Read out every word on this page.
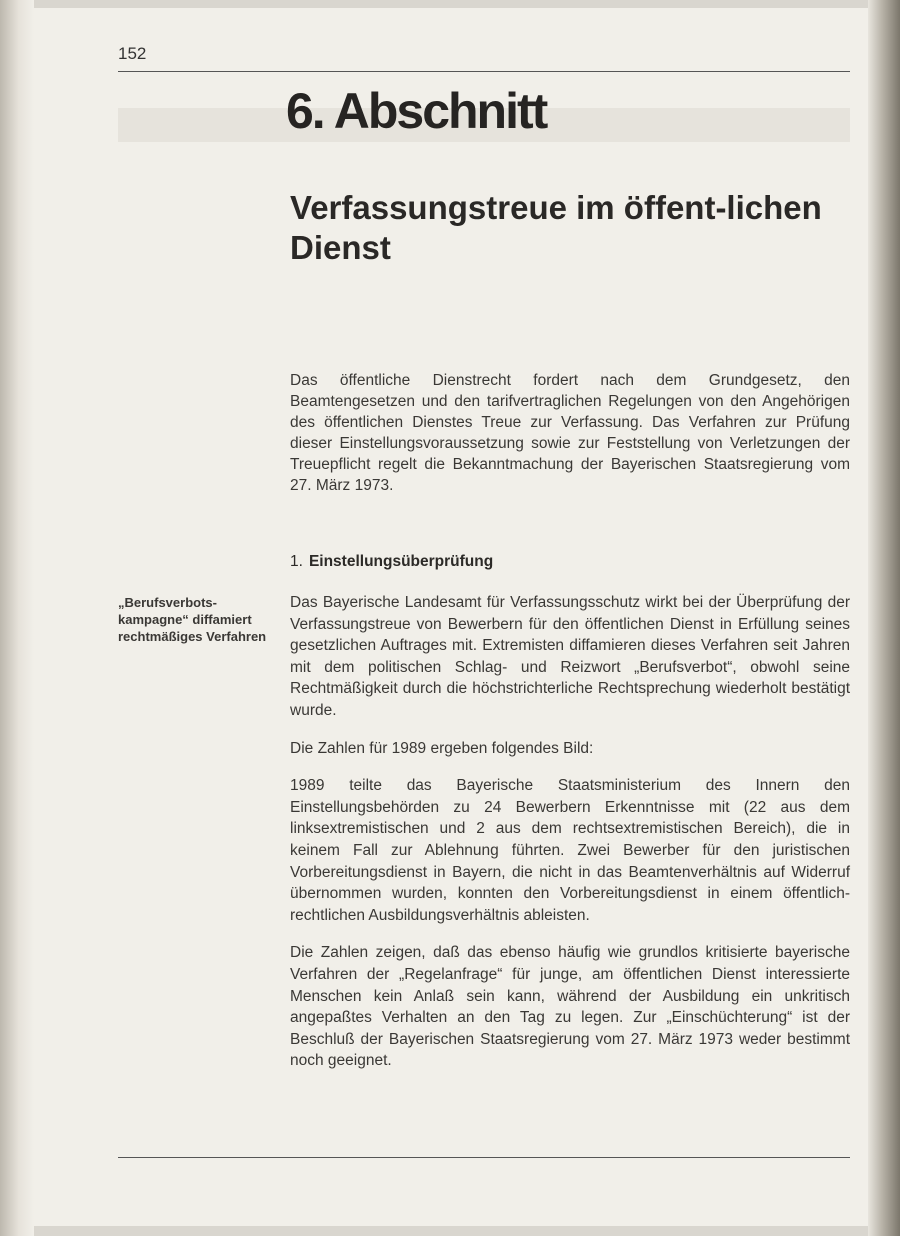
152
6. Abschnitt
Verfassungstreue im öffent-lichen Dienst
Das öffentliche Dienstrecht fordert nach dem Grundgesetz, den Beamtengesetzen und den tarifvertraglichen Regelungen von den Angehörigen des öffentlichen Dienstes Treue zur Verfassung. Das Verfahren zur Prüfung dieser Einstellungsvoraussetzung sowie zur Feststellung von Verletzungen der Treuepflicht regelt die Bekanntmachung der Bayerischen Staatsregierung vom 27. März 1973.
1. Einstellungsüberprüfung
„Berufsverbots-kampagne“ diffamiert rechtmäßiges Verfahren

Das Bayerische Landesamt für Verfassungsschutz wirkt bei der Überprüfung der Verfassungstreue von Bewerbern für den öffentlichen Dienst in Erfüllung seines gesetzlichen Auftrages mit. Extremisten diffamieren dieses Verfahren seit Jahren mit dem politischen Schlag- und Reizwort „Berufsverbot“, obwohl seine Rechtmäßigkeit durch die höchstrichterliche Rechtsprechung wiederholt bestätigt wurde.

Die Zahlen für 1989 ergeben folgendes Bild:

1989 teilte das Bayerische Staatsministerium des Innern den Einstellungsbehörden zu 24 Bewerbern Erkenntnisse mit (22 aus dem linksextremistischen und 2 aus dem rechtsextremistischen Bereich), die in keinem Fall zur Ablehnung führten. Zwei Bewerber für den juristischen Vorbereitungsdienst in Bayern, die nicht in das Beamtenverhältnis auf Widerruf übernommen wurden, konnten den Vorbereitungsdienst in einem öffentlich-rechtlichen Ausbildungsverhältnis ableisten.

Die Zahlen zeigen, daß das ebenso häufig wie grundlos kritisierte bayerische Verfahren der „Regelanfrage“ für junge, am öffentlichen Dienst interessierte Menschen kein Anlaß sein kann, während der Ausbildung ein unkritisch angepaßtes Verhalten an den Tag zu legen. Zur „Einschüchterung“ ist der Beschluß der Bayerischen Staatsregierung vom 27. März 1973 weder bestimmt noch geeignet.
